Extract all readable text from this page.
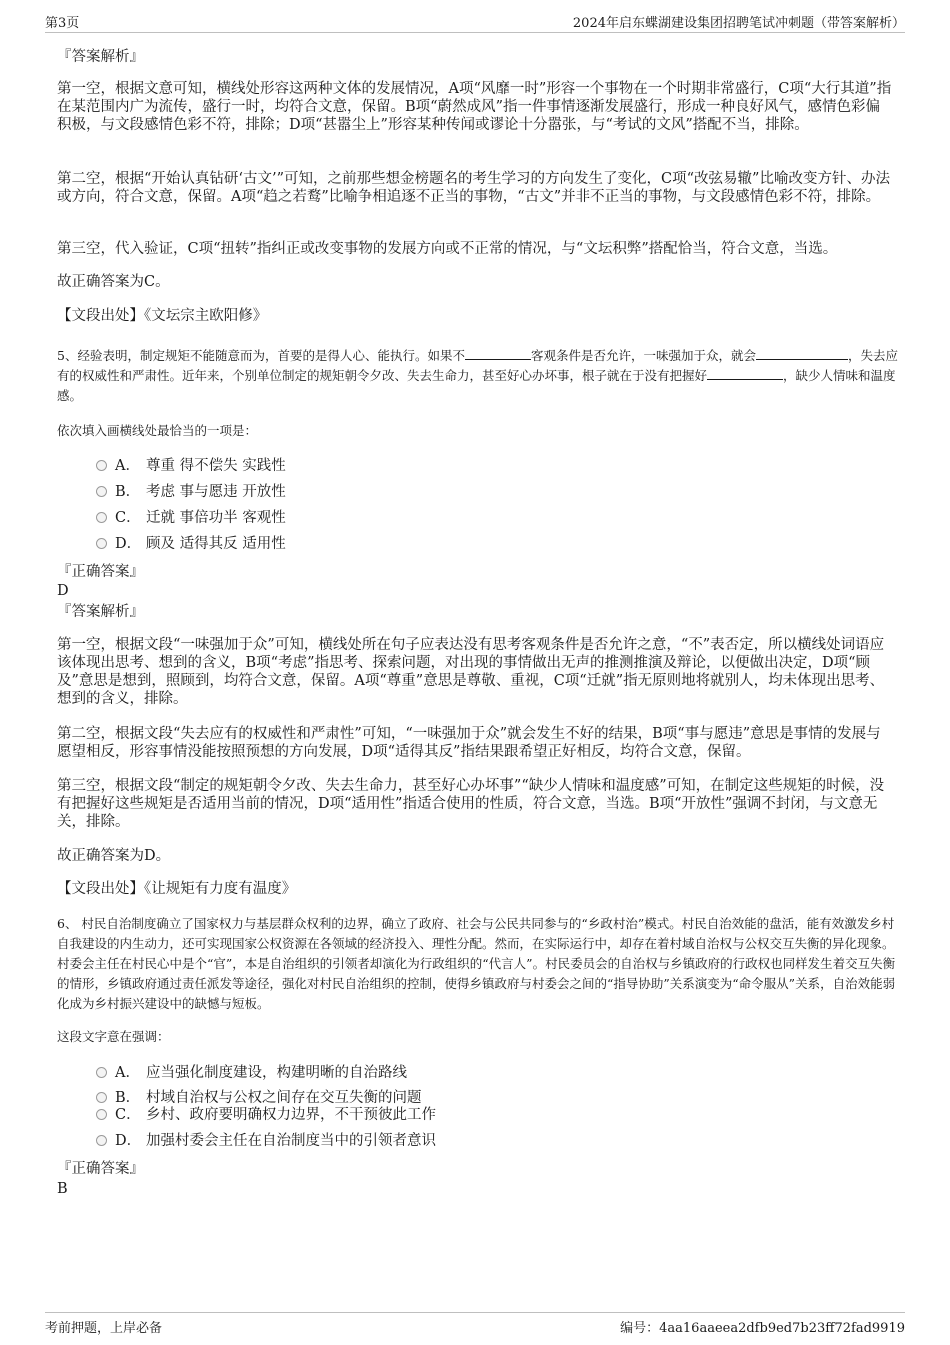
第3页	2024年启东蝶湖建设集团招聘笔试冲刺题（带答案解析）
『答案解析』
第一空，根据文意可知，横线处形容这两种文体的发展情况，A项“风靡一时”形容一个事物在一个时期非常盛行，C项“大行其道”指在某范围内广为流传，盛行一时，均符合文意，保留。B项“蔚然成风”指一件事情逐渐发展盛行，形成一种良好风气，感情色彩偏积极，与文段感情色彩不符，排除；D项“甚嚣尘上”形容某种传闻或谬论十分嚣张，与“考试的文风”搭配不当，排除。
第二空，根据“开始认真钻研‘古文’”可知，之前那些想金榜题名的考生学习的方向发生了变化，C项“改弦易辙”比喻改变方针、办法或方向，符合文意，保留。A项“趋之若鹜”比喻争相追逐不正当的事物，“古文”并非不正当的事物，与文段感情色彩不符，排除。
第三空，代入验证，C项“扭转”指纠正或改变事物的发展方向或不正常的情况，与“文坛积弊”搭配恰当，符合文意，当选。
故正确答案为C。
【文段出处】《文坛宗主欧阳修》
5、经验表明，制定规矩不能随意而为，首要的是得人心、能执行。如果不	客观条件是否允许，一味强加于众，就会	，失去应有的权威性和严肃性。近年来，个别单位制定的规矩朝令夕改、失去生命力，甚至好心办坏事，根子就在于没有把握好	，缺少人情味和温度感。
依次填入画横线处最恰当的一项是：
A． 尊重 得不偿失 实践性
B． 考虑 事与愿违 开放性
C． 迁就 事倍功半 客观性
D． 顾及 适得其反 适用性
『正确答案』
D
『答案解析』
第一空，根据文段“一味强加于众”可知，横线处所在句子应表达没有思考客观条件是否允许之意，“不”表否定，所以横线处词语应该体现出思考、想到的含义，B项“考虑”指思考、探索问题，对出现的事情做出无声的推测推演及辩论，以便做出决定，D项“顾及”意思是想到，照顾到，均符合文意，保留。A项“尊重”意思是尊敬、重视，C项“迁就”指无原则地将就别人，均未体现出思考、想到的含义，排除。
第二空，根据文段“失去应有的权威性和严肃性”可知，“一味强加于众”就会发生不好的结果，B项“事与愿违”意思是事情的发展与愿望相反，形容事情没能按照预想的方向发展，D项“适得其反”指结果跟希望正好相反，均符合文意，保留。
第三空，根据文段“制定的规矩朝令夕改、失去生命力，甚至好心办坏事”“缺少人情味和温度感”可知，在制定这些规矩的时候，没有把握好这些规矩是否适用当前的情况，D项“适用性”指适合使用的性质，符合文意，当选。B项“开放性”强调不封闭，与文意无关，排除。
故正确答案为D。
【文段出处】《让规矩有力度有温度》
6、 村民自治制度确立了国家权力与基层群众权利的边界，确立了政府、社会与公民共同参与的“乡政村治”模式。村民自治效能的盘活，能有效激发乡村自我建设的内生动力，还可实现国家公权资源在各领域的经济投入、理性分配。然而，在实际运行中，却存在着村域自治权与公权交互失衡的异化现象。村委会主任在村民心中是个“官”，本是自治组织的引领者却演化为行政组织的“代言人”。村民委员会的自治权与乡镇政府的行政权也同样发生着交互失衡的情形，乡镇政府通过责任派发等途径，强化对村民自治组织的控制，使得乡镇政府与村委会之间的“指导协助”关系演变为“命令服从”关系，自治效能弱化成为乡村振兴建设中的缺憾与短板。
这段文字意在强调：
A． 应当强化制度建设，构建明晰的自治路线
B． 村域自治权与公权之间存在交互失衡的问题
C． 乡村、政府要明确权力边界，不干预彼此工作
D． 加强村委会主任在自治制度当中的引领者意识
『正确答案』
B
考前押题，上岸必备	编号：4aa16aaeea2dfb9ed7b23ff72fad9919
